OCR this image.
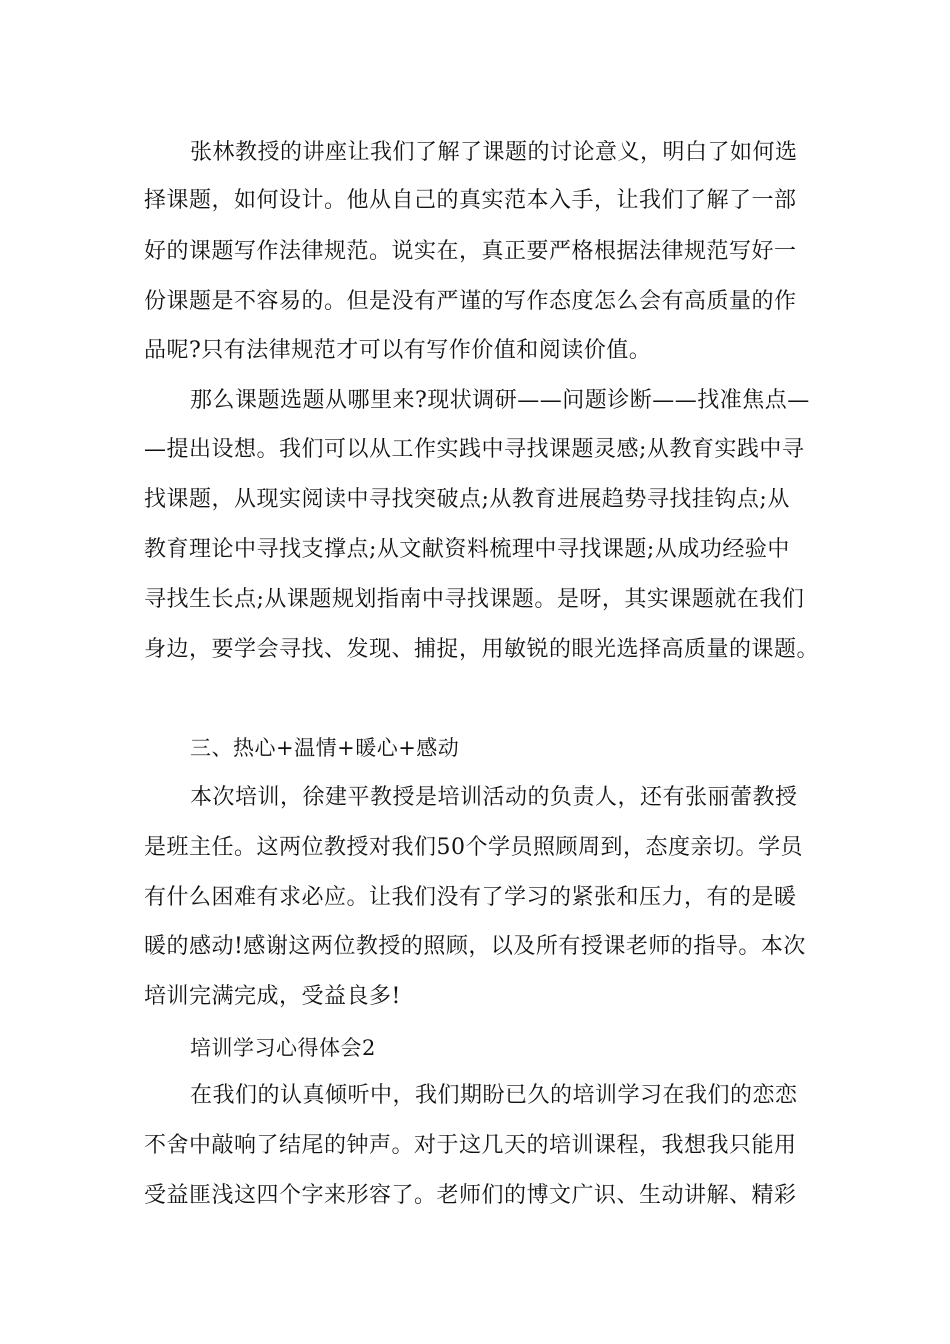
张林教授的讲座让我们了解了课题的讨论意义，明白了如何选
择课题，如何设计。他从自己的真实范本入手，让我们了解了一部
好的课题写作法律规范。说实在，真正要严格根据法律规范写好一
份课题是不容易的。但是没有严谨的写作态度怎么会有高质量的作
品呢?只有法律规范才可以有写作价值和阅读价值。
那么课题选题从哪里来?现状调研——问题诊断——找准焦点—
—提出设想。我们可以从工作实践中寻找课题灵感;从教育实践中寻
找课题，从现实阅读中寻找突破点;从教育进展趋势寻找挂钩点;从
教育理论中寻找支撑点;从文献资料梳理中寻找课题;从成功经验中
寻找生长点;从课题规划指南中寻找课题。是呀，其实课题就在我们
身边，要学会寻找、发现、捕捉，用敏锐的眼光选择高质量的课题。
三、热心+温情+暖心+感动
本次培训，徐建平教授是培训活动的负责人，还有张丽蕾教授
是班主任。这两位教授对我们50个学员照顾周到，态度亲切。学员
有什么困难有求必应。让我们没有了学习的紧张和压力，有的是暖
暖的感动!感谢这两位教授的照顾，以及所有授课老师的指导。本次
培训完满完成，受益良多!
培训学习心得体会2
在我们的认真倾听中，我们期盼已久的培训学习在我们的恋恋
不舍中敲响了结尾的钟声。对于这几天的培训课程，我想我只能用
受益匪浅这四个字来形容了。老师们的博文广识、生动讲解、精彩
